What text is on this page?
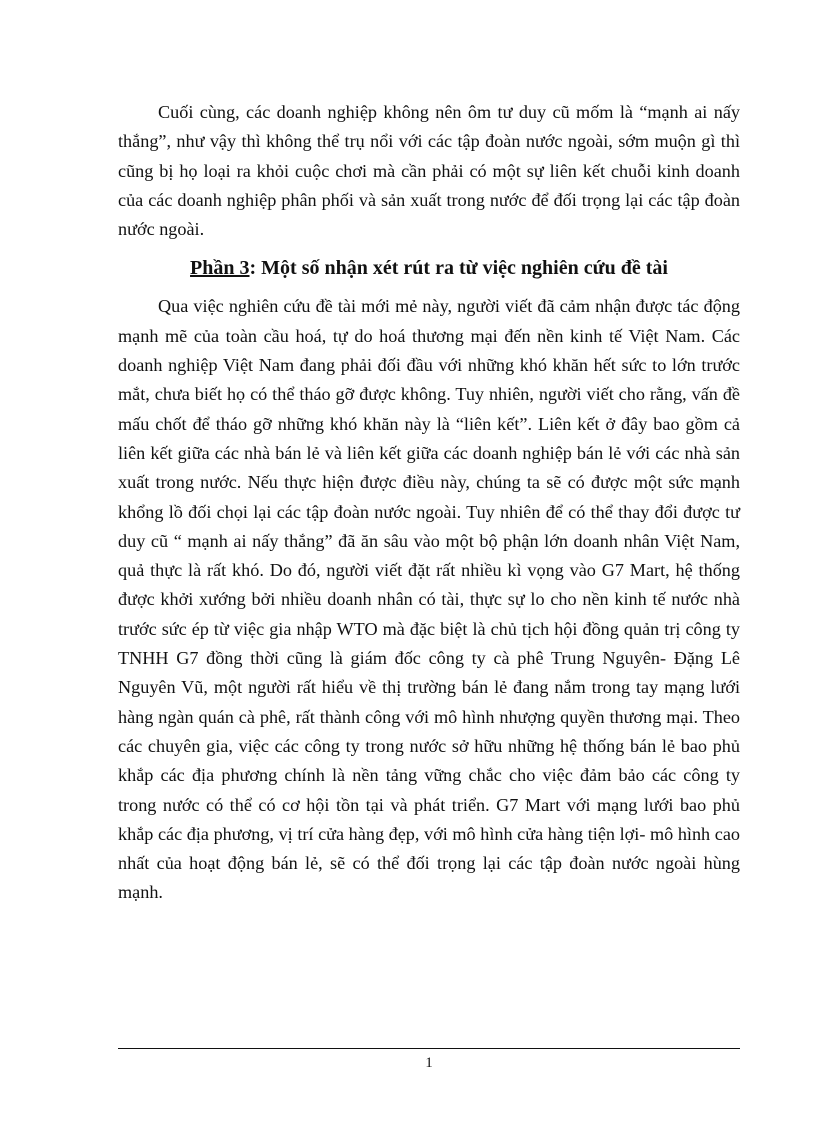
Cuối cùng, các doanh nghiệp không nên ôm tư duy cũ mốm là “mạnh ai nấy thắng”, như vậy thì không thể trụ nổi với các tập đoàn nước ngoài, sớm muộn gì thì cũng bị họ loại ra khỏi cuộc chơi mà cần phải có một sự liên kết chuỗi kinh doanh của các doanh nghiệp phân phối và sản xuất trong nước để đối trọng lại các tập đoàn nước ngoài.

Phần 3: Một số nhận xét rút ra từ việc nghiên cứu đề tài

Qua việc nghiên cứu đề tài mới mẻ này, người viết đã cảm nhận được tác động mạnh mẽ của toàn cầu hoá, tự do hoá thương mại đến nền kinh tế Việt Nam. Các doanh nghiệp Việt Nam đang phải đối đầu với những khó khăn hết sức to lớn trước mắt, chưa biết họ có thể tháo gỡ được không. Tuy nhiên, người viết cho rằng, vấn đề mấu chốt để tháo gỡ những khó khăn này là “liên kết”. Liên kết ở đây bao gồm cả liên kết giữa các nhà bán lẻ và liên kết giữa các doanh nghiệp bán lẻ với các nhà sản xuất trong nước. Nếu thực hiện được điều này, chúng ta sẽ có được một sức mạnh khổng lồ đối chọi lại các tập đoàn nước ngoài. Tuy nhiên để có thể thay đổi được tư duy cũ “ mạnh ai nấy thắng” đã ăn sâu vào một bộ phận lớn doanh nhân Việt Nam, quả thực là rất khó. Do đó, người viết đặt rất nhiều kì vọng vào G7 Mart, hệ thống được khởi xướng bởi nhiều doanh nhân có tài, thực sự lo cho nền kinh tế nước nhà trước sức ép từ việc gia nhập WTO mà đặc biệt là chủ tịch hội đồng quản trị công ty TNHH G7 đồng thời cũng là giám đốc công ty cà phê Trung Nguyên- Đặng Lê Nguyên Vũ, một người rất hiểu về thị trường bán lẻ đang nắm trong tay mạng lưới hàng ngàn quán cà phê, rất thành công với mô hình nhượng quyền thương mại. Theo các chuyên gia, việc các công ty trong nước sở hữu những hệ thống bán lẻ bao phủ khắp các địa phương chính là nền tảng vững chắc cho việc đảm bảo các công ty trong nước có thể có cơ hội tồn tại và phát triển. G7 Mart với mạng lưới bao phủ khắp các địa phương, vị trí cửa hàng đẹp, với mô hình cửa hàng tiện lợi- mô hình cao nhất của hoạt động bán lẻ, sẽ có thể đối trọng lại các tập đoàn nước ngoài hùng mạnh.

1
